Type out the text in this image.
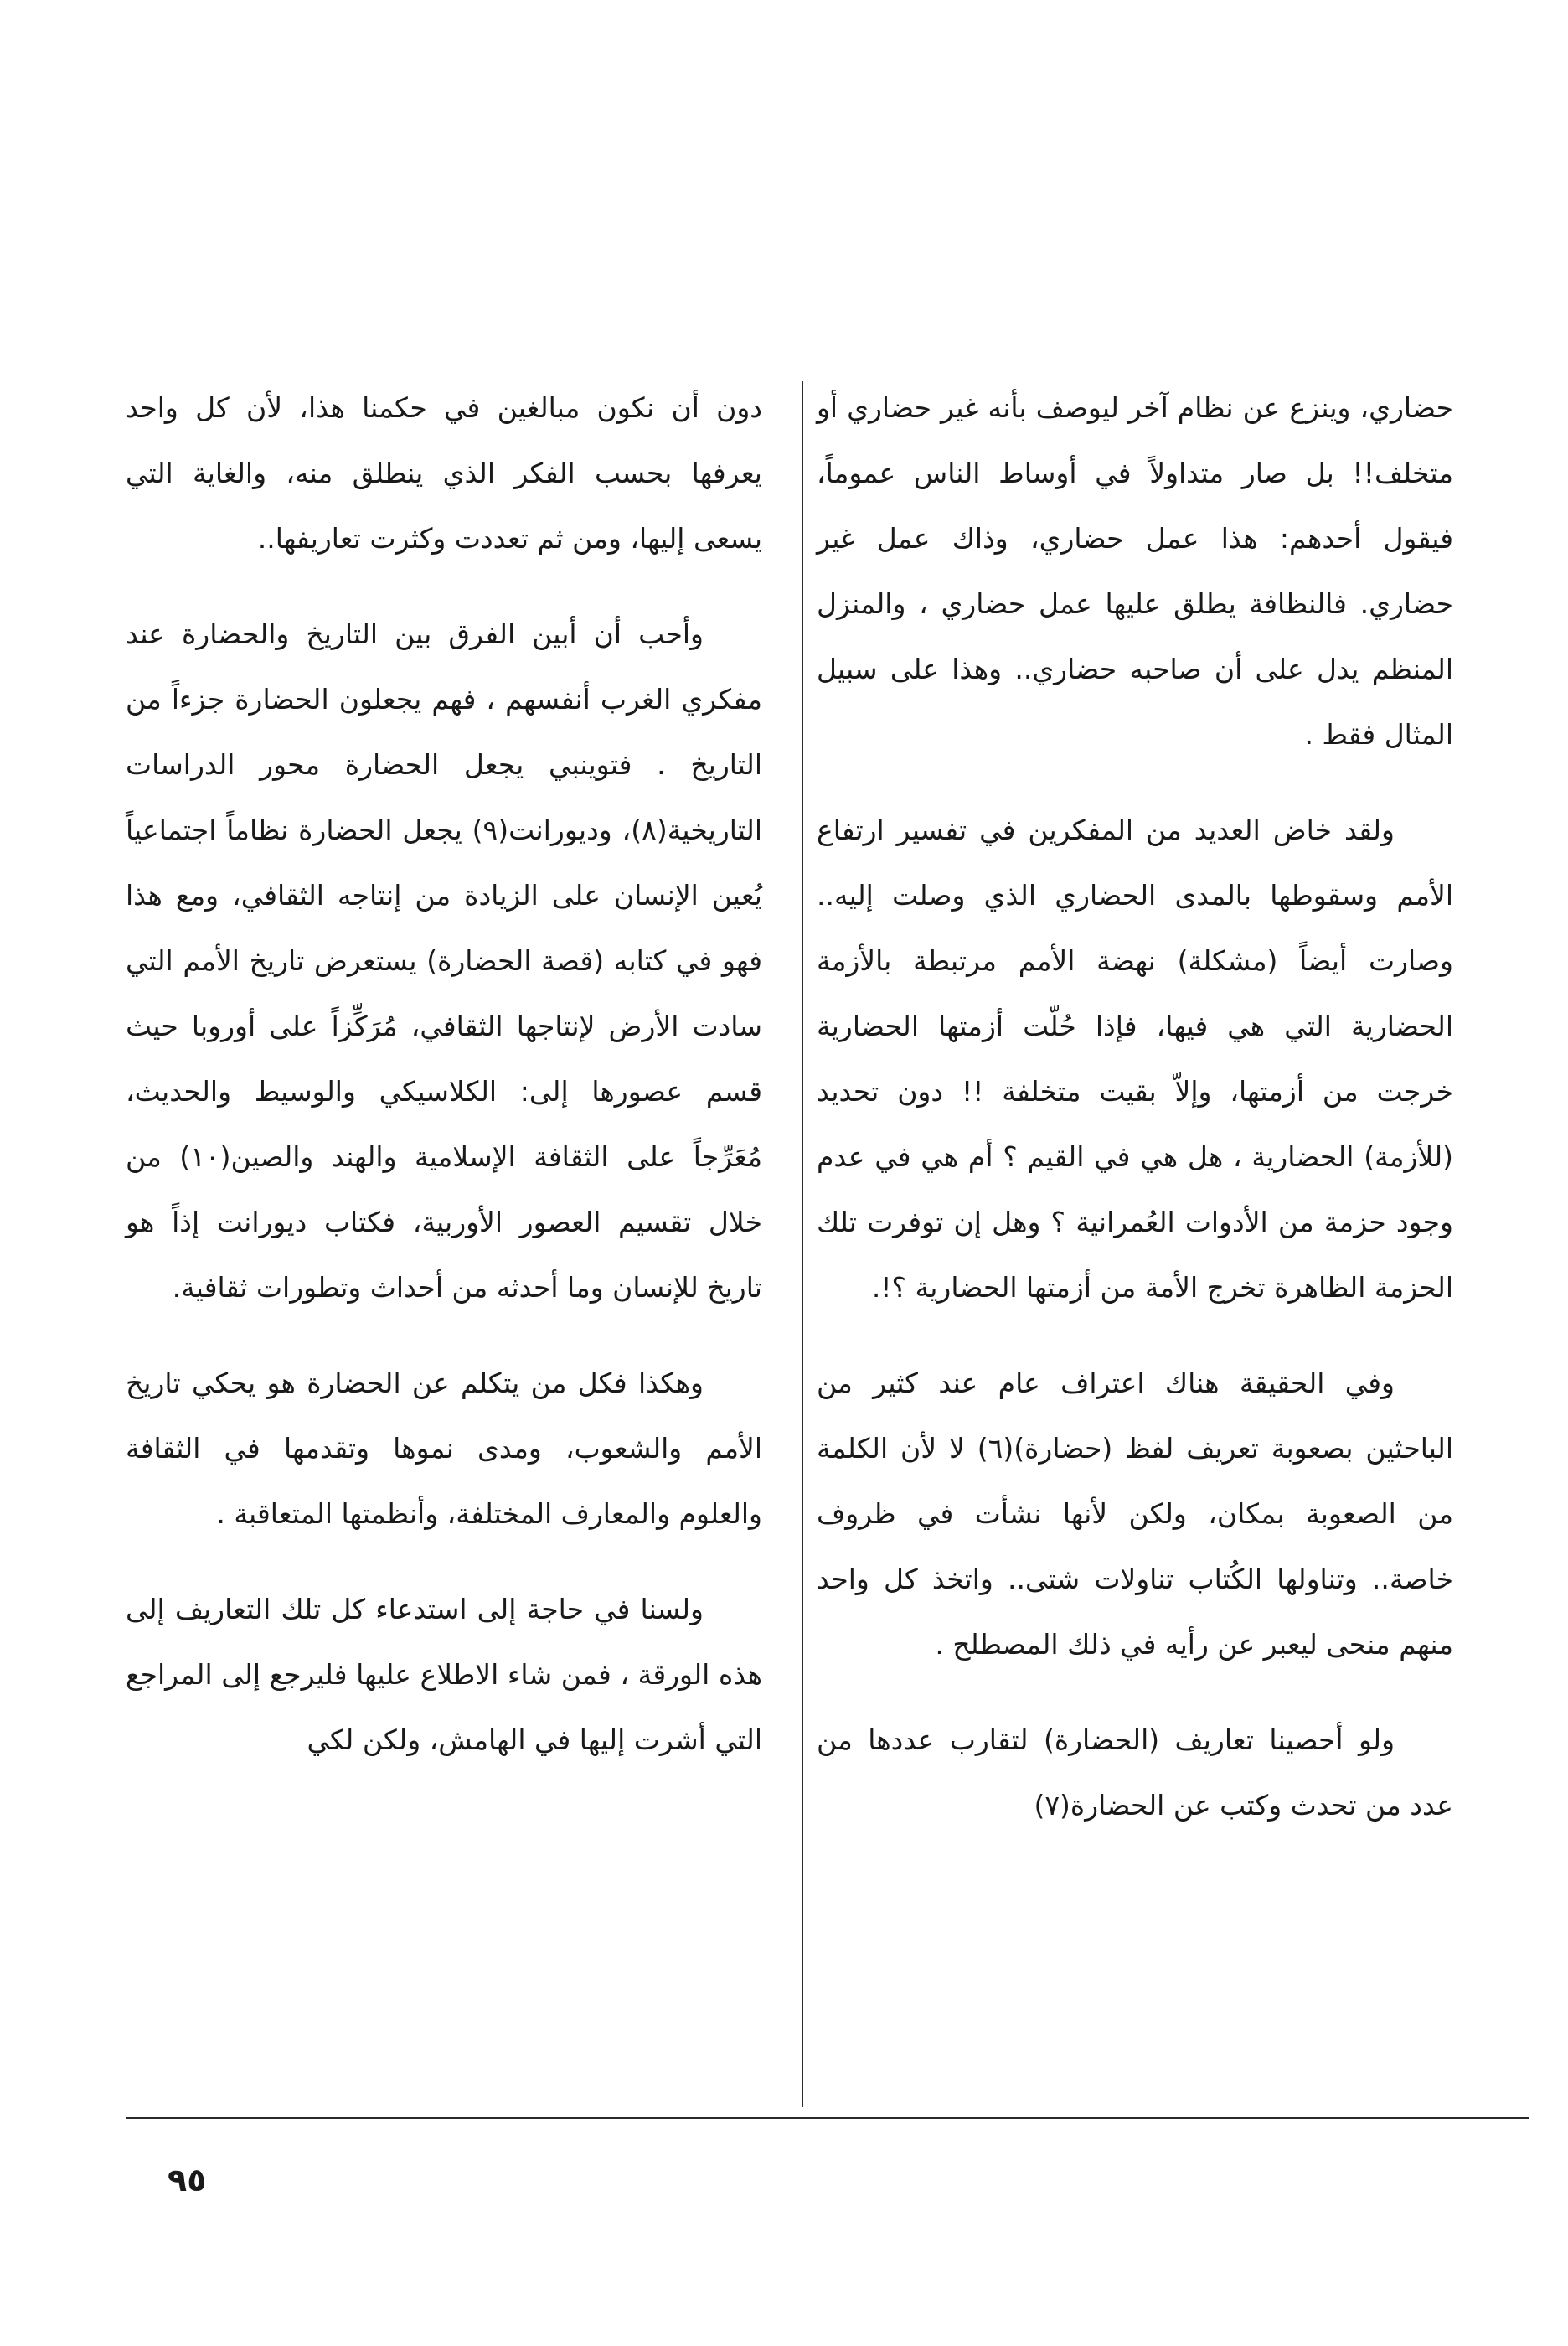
حضاري، وينزع عن نظام آخر ليوصف بأنه غير حضاري أو متخلف!! بل صار متداولاً في أوساط الناس عموماً، فيقول أحدهم: هذا عمل حضاري، وذاك عمل غير حضاري. فالنظافة يطلق عليها عمل حضاري ، والمنزل المنظم يدل على أن صاحبه حضاري.. وهذا على سبيل المثال فقط .

ولقد خاض العديد من المفكرين في تفسير ارتفاع الأمم وسقوطها بالمدى الحضاري الذي وصلت إليه.. وصارت أيضاً (مشكلة) نهضة الأمم مرتبطة بالأزمة الحضارية التي هي فيها، فإذا حُلّت أزمتها الحضارية خرجت من أزمتها، وإلاّ بقيت متخلفة !! دون تحديد (للأزمة) الحضارية ، هل هي في القيم ؟ أم هي في عدم وجود حزمة من الأدوات العُمرانية ؟ وهل إن توفرت تلك الحزمة الظاهرة تخرج الأمة من أزمتها الحضارية ؟!.

وفي الحقيقة هناك اعتراف عام عند كثير من الباحثين بصعوبة تعريف لفظ (حضارة)(٦) لا لأن الكلمة من الصعوبة بمكان، ولكن لأنها نشأت في ظروف خاصة.. وتناولها الكُتاب تناولات شتى.. واتخذ كل واحد منهم منحى ليعبر عن رأيه في ذلك المصطلح .

ولو أحصينا تعاريف (الحضارة) لتقارب عددها من عدد من تحدث وكتب عن الحضارة(٧)

دون أن نكون مبالغين في حكمنا هذا، لأن كل واحد يعرفها بحسب الفكر الذي ينطلق منه، والغاية التي يسعى إليها، ومن ثم تعددت وكثرت تعاريفها..

وأحب أن أبين الفرق بين التاريخ والحضارة عند مفكري الغرب أنفسهم ، فهم يجعلون الحضارة جزءاً من التاريخ . فتوينبي يجعل الحضارة محور الدراسات التاريخية(٨)، وديورانت(٩) يجعل الحضارة نظاماً اجتماعياً يُعين الإنسان على الزيادة من إنتاجه الثقافي، ومع هذا فهو في كتابه (قصة الحضارة) يستعرض تاريخ الأمم التي سادت الأرض لإنتاجها الثقافي، مُرَكِّزاً على أوروبا حيث قسم عصورها إلى: الكلاسيكي والوسيط والحديث، مُعَرِّجاً على الثقافة الإسلامية والهند والصين(١٠) من خلال تقسيم العصور الأوربية، فكتاب ديورانت إذاً هو تاريخ للإنسان وما أحدثه من أحداث وتطورات ثقافية.

وهكذا فكل من يتكلم عن الحضارة هو يحكي تاريخ الأمم والشعوب، ومدى نموها وتقدمها في الثقافة والعلوم والمعارف المختلفة، وأنظمتها المتعاقبة .

ولسنا في حاجة إلى استدعاء كل تلك التعاريف إلى هذه الورقة ، فمن شاء الاطلاع عليها فليرجع إلى المراجع التي أشرت إليها في الهامش، ولكن لكي

٩٥
